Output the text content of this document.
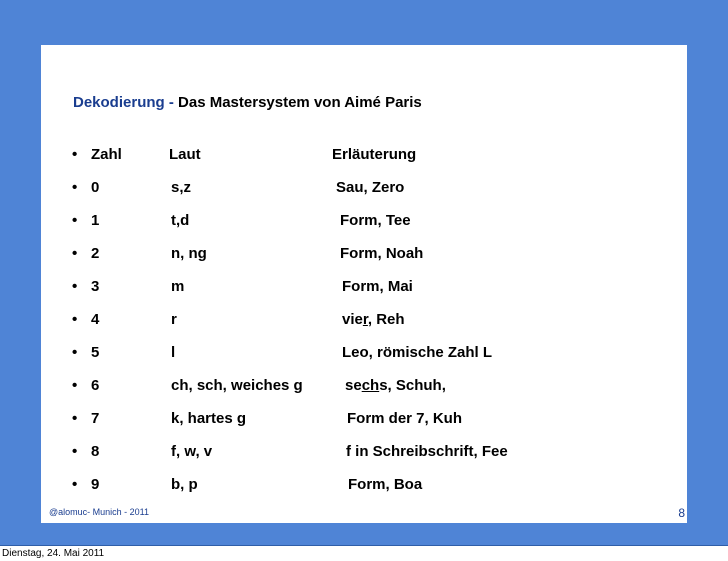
Dekodierung - Das Mastersystem von Aimé Paris
• Zahl	Laut	Erläuterung
• 0	s,z	Sau, Zero
• 1	t,d	Form, Tee
• 2	n, ng	Form, Noah
• 3	m	Form, Mai
• 4	r	vier, Reh
• 5	l	Leo, römische Zahl L
• 6	ch, sch, weiches g	sechs, Schuh,
• 7	k, hartes g	Form der 7, Kuh
• 8	f, w, v	f in Schreibschrift, Fee
• 9	b, p	Form, Boa
@alomuc- Munich - 2011	8
Dienstag, 24. Mai 2011
